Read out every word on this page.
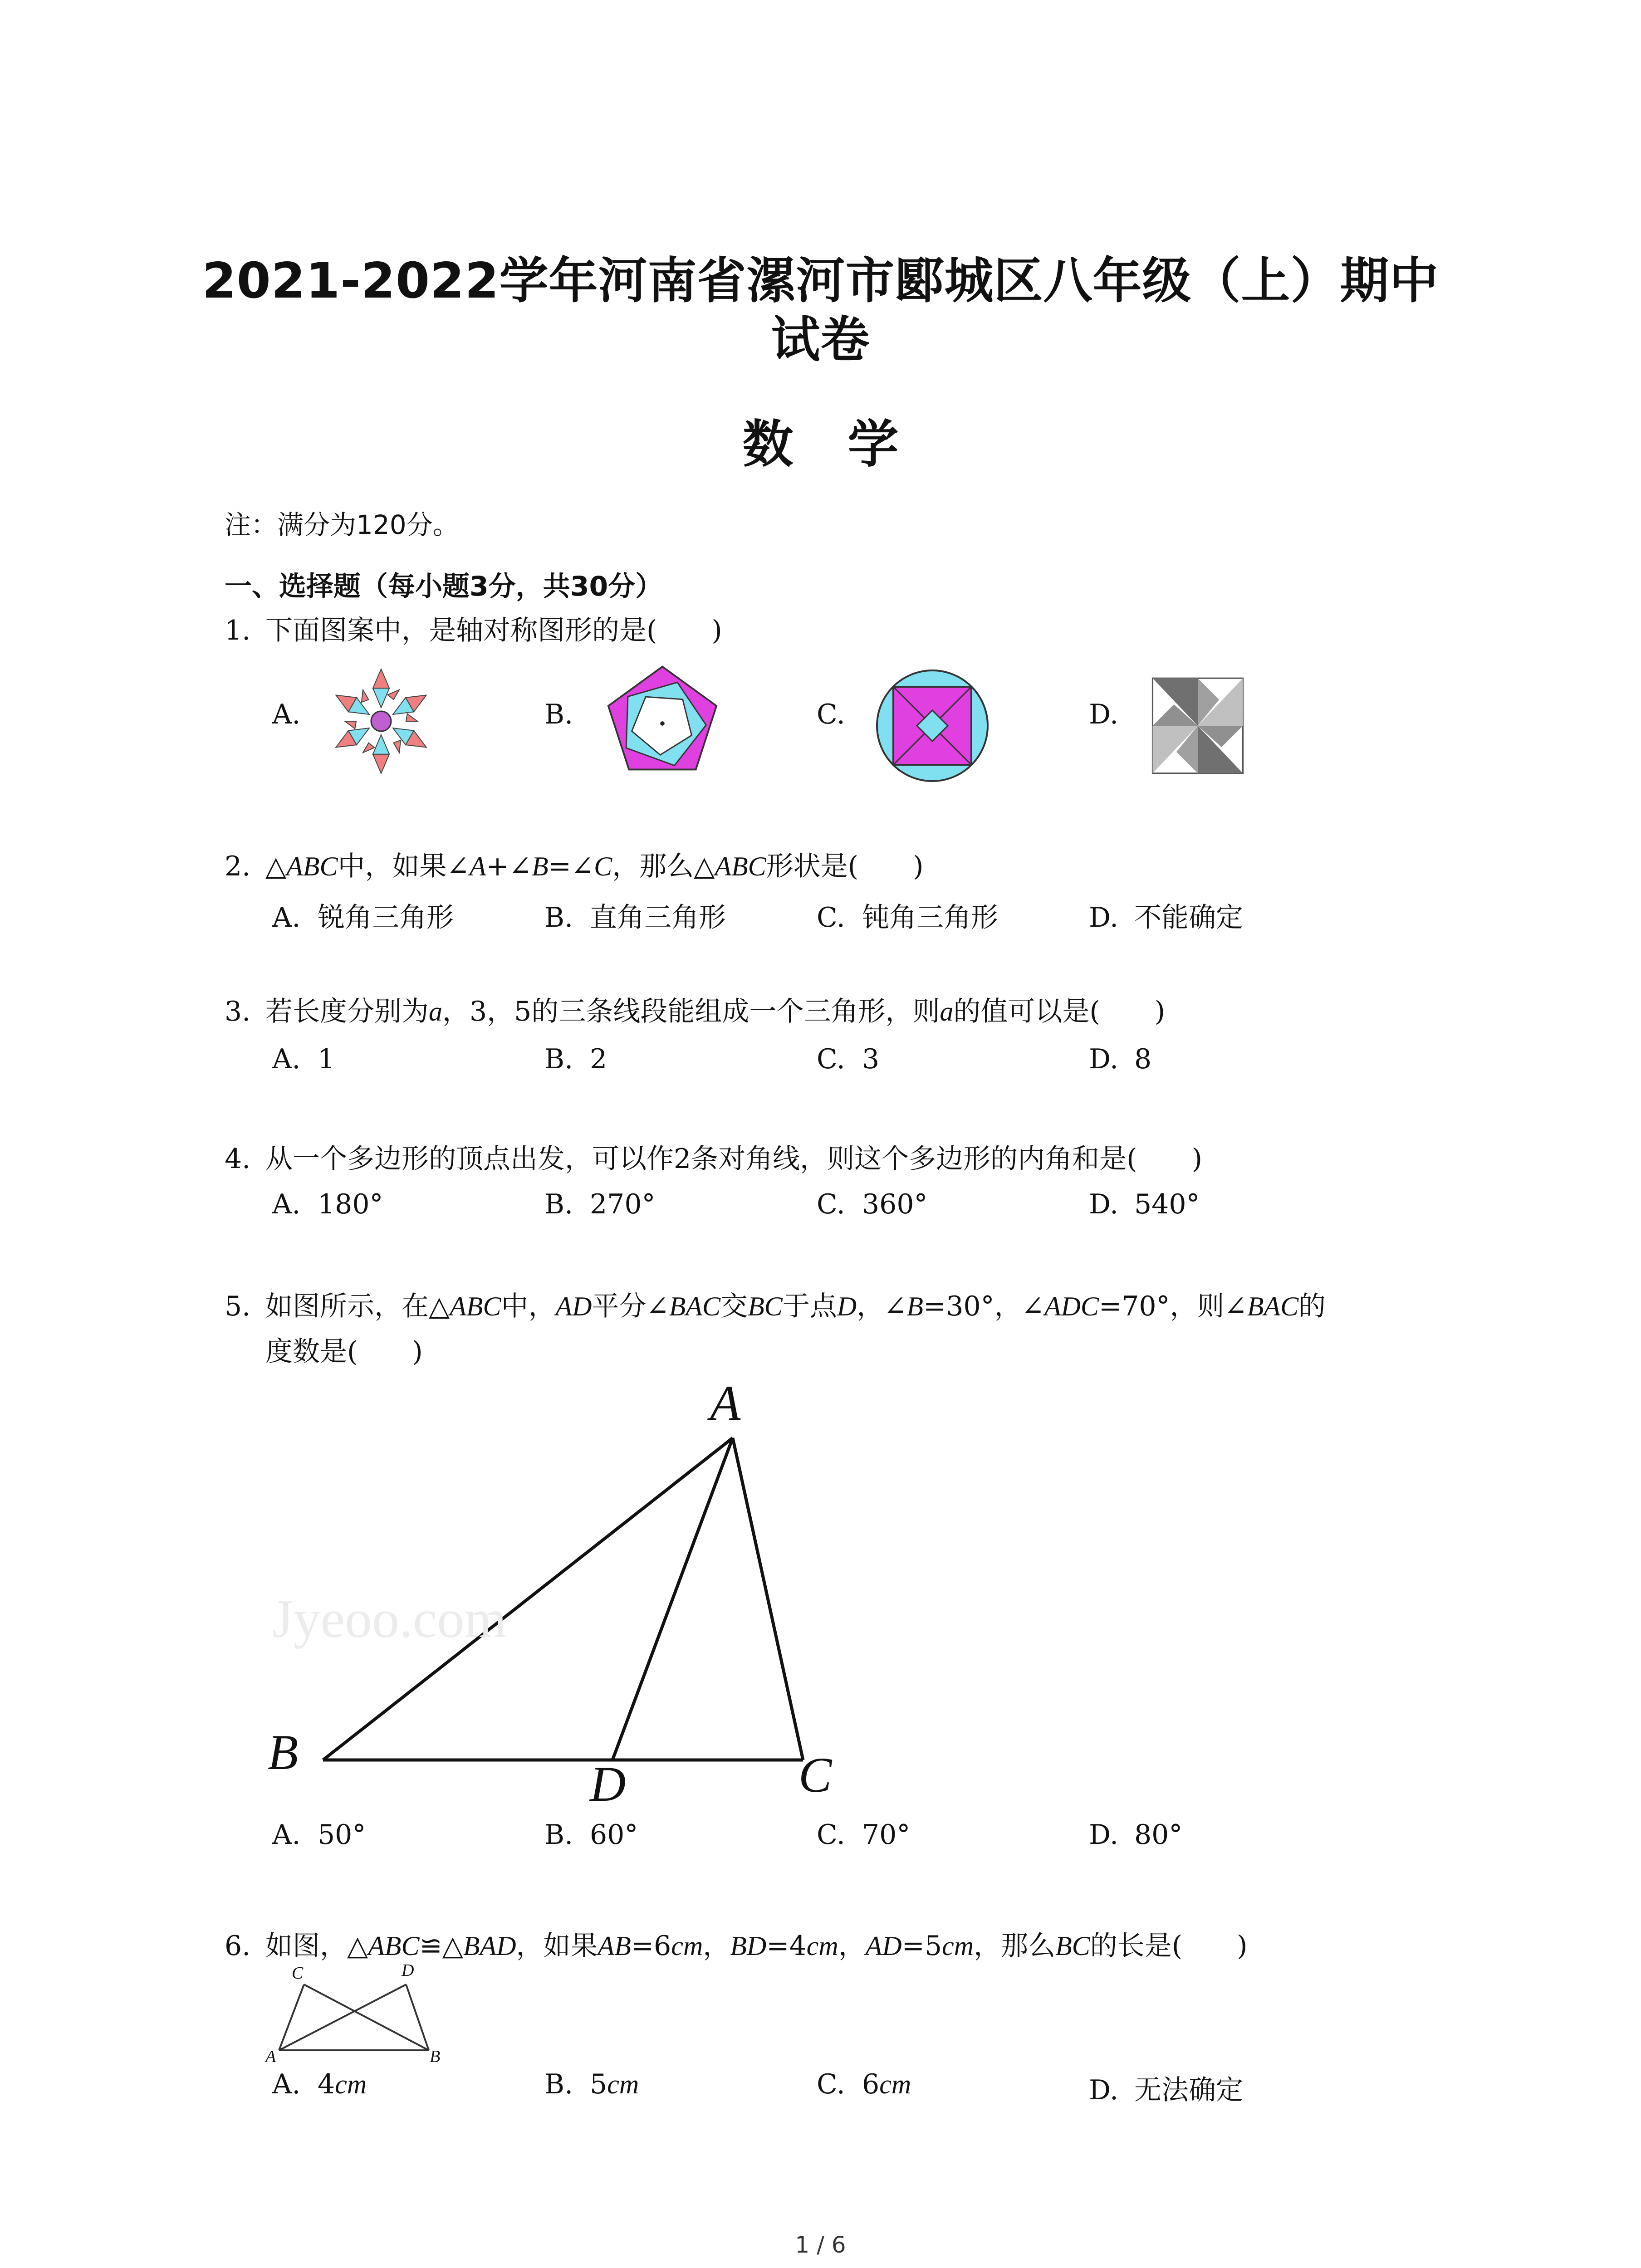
2021-2022学年河南省漯河市郾城区八年级（上）期中
试卷
数学
注：满分为120分。
一、选择题（每小题3分，共30分）
1. 下面图案中，是轴对称图形的是(　　)
A.	B.	C.	D.
2. △ABC中，如果∠A+∠B=∠C，那么△ABC形状是(　　)
A. 锐角三角形	B. 直角三角形	C. 钝角三角形	D. 不能确定
3. 若长度分别为a，3，5的三条线段能组成一个三角形，则a的值可以是(　　)
A. 1	B. 2	C. 3	D. 8
4. 从一个多边形的顶点出发，可以作2条对角线，则这个多边形的内角和是(　　)
A. 180°	B. 270°	C. 360°	D. 540°
5. 如图所示，在△ABC中，AD平分∠BAC交BC于点D，∠B=30°，∠ADC=70°，则∠BAC的
度数是(　　)
A
B	C
D
Jyeoo.com
A. 50°	B. 60°	C. 70°	D. 80°
6. 如图，△ABC≌△BAD，如果AB=6cm，BD=4cm，AD=5cm，那么BC的长是(　　)
C	D
A	B
A. 4cm	B. 5cm	C. 6cm	D. 无法确定
1 / 6
